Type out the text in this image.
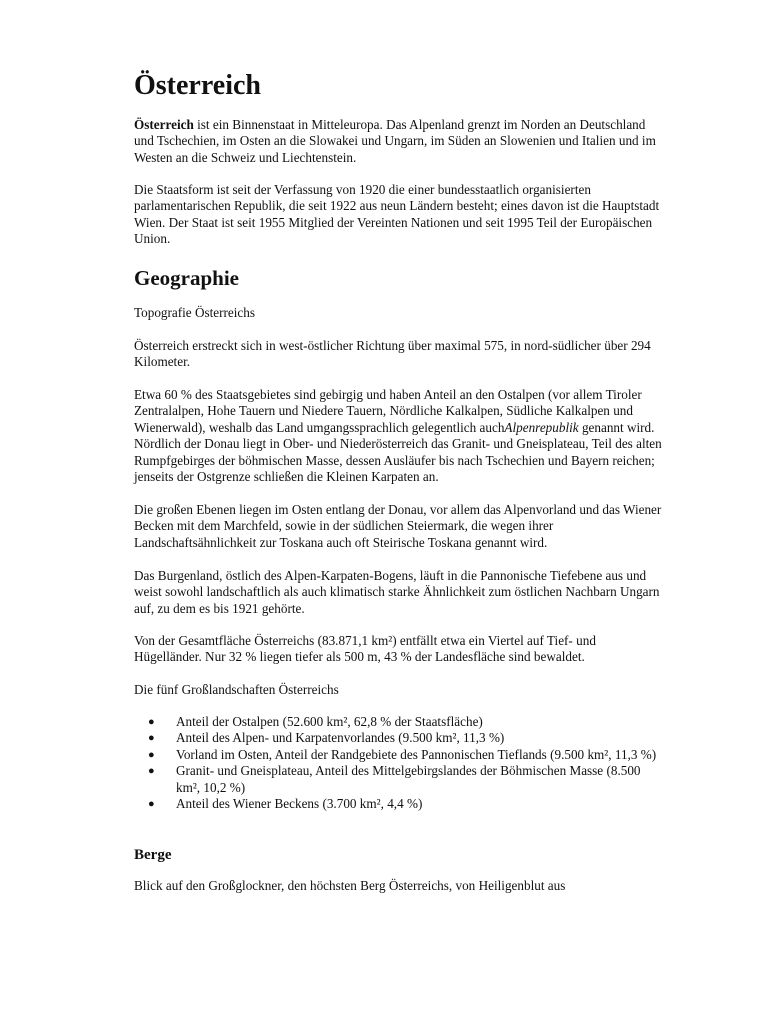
Österreich

Österreich ist ein Binnenstaat in Mitteleuropa. Das Alpenland grenzt im Norden an Deutschland und Tschechien, im Osten an die Slowakei und Ungarn, im Süden an Slowenien und Italien und im Westen an die Schweiz und Liechtenstein.

Die Staatsform ist seit der Verfassung von 1920 die einer bundesstaatlich organisierten parlamentarischen Republik, die seit 1922 aus neun Ländern besteht; eines davon ist die Hauptstadt Wien. Der Staat ist seit 1955 Mitglied der Vereinten Nationen und seit 1995 Teil der Europäischen Union.

Geographie

Topografie Österreichs

Österreich erstreckt sich in west-östlicher Richtung über maximal 575, in nord-südlicher über 294 Kilometer.

Etwa 60 % des Staatsgebietes sind gebirgig und haben Anteil an den Ostalpen (vor allem Tiroler Zentralalpen, Hohe Tauern und Niedere Tauern, Nördliche Kalkalpen, Südliche Kalkalpen und Wienerwald), weshalb das Land umgangssprachlich gelegentlich auchAlpenrepublik genannt wird. Nördlich der Donau liegt in Ober- und Niederösterreich das Granit- und Gneisplateau, Teil des alten Rumpfgebirges der böhmischen Masse, dessen Ausläufer bis nach Tschechien und Bayern reichen; jenseits der Ostgrenze schließen die Kleinen Karpaten an.

Die großen Ebenen liegen im Osten entlang der Donau, vor allem das Alpenvorland und das Wiener Becken mit dem Marchfeld, sowie in der südlichen Steiermark, die wegen ihrer Landschaftsähnlichkeit zur Toskana auch oft Steirische Toskana genannt wird.

Das Burgenland, östlich des Alpen-Karpaten-Bogens, läuft in die Pannonische Tiefebene aus und weist sowohl landschaftlich als auch klimatisch starke Ähnlichkeit zum östlichen Nachbarn Ungarn auf, zu dem es bis 1921 gehörte.

Von der Gesamtfläche Österreichs (83.871,1 km²) entfällt etwa ein Viertel auf Tief- und Hügelländer. Nur 32 % liegen tiefer als 500 m, 43 % der Landesfläche sind bewaldet.

Die fünf Großlandschaften Österreichs

● Anteil der Ostalpen (52.600 km², 62,8 % der Staatsfläche)
● Anteil des Alpen- und Karpatenvorlandes (9.500 km², 11,3 %)
● Vorland im Osten, Anteil der Randgebiete des Pannonischen Tieflands (9.500 km², 11,3 %)
● Granit- und Gneisplateau, Anteil des Mittelgebirgslandes der Böhmischen Masse (8.500 km², 10,2 %)
● Anteil des Wiener Beckens (3.700 km², 4,4 %)
Berge

Blick auf den Großglockner, den höchsten Berg Österreichs, von Heiligenblut aus
